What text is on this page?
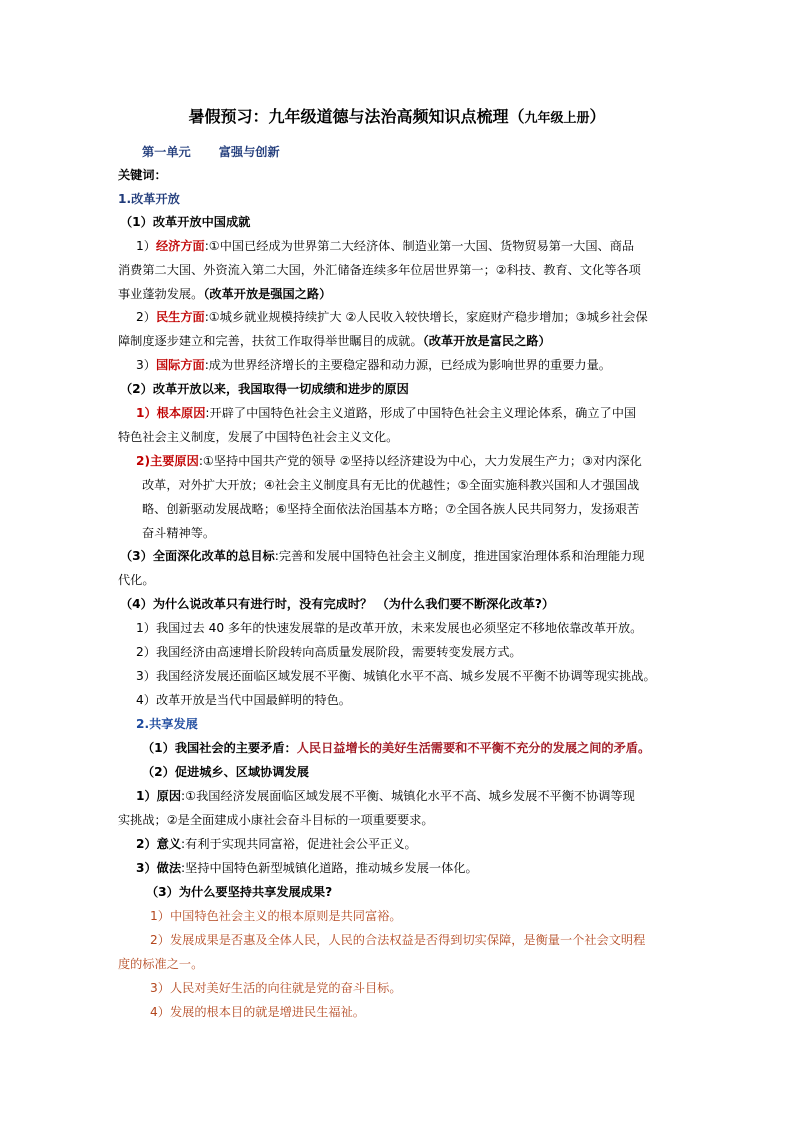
暑假预习：九年级道德与法治高频知识点梳理（九年级上册）
第一单元 富强与创新
关键词：
1.改革开放
（1）改革开放中国成就
1）经济方面:①中国已经成为世界第二大经济体、制造业第一大国、货物贸易第一大国、商品
消费第二大国、外资流入第二大国，外汇储备连续多年位居世界第一；②科技、教育、文化等各项
事业蓬勃发展。（改革开放是强国之路）
2）民生方面:①城乡就业规模持续扩大 ②人民收入较快增长，家庭财产稳步增加；③城乡社会保
障制度逐步建立和完善，扶贫工作取得举世瞩目的成就。（改革开放是富民之路）
3）国际方面:成为世界经济增长的主要稳定器和动力源，已经成为影响世界的重要力量。
（2）改革开放以来，我国取得一切成绩和进步的原因
1）根本原因:开辟了中国特色社会主义道路，形成了中国特色社会主义理论体系，确立了中国
特色社会主义制度，发展了中国特色社会主义文化。
2)主要原因:①坚持中国共产党的领导 ②坚持以经济建设为中心，大力发展生产力；③对内深化
改革，对外扩大开放；④社会主义制度具有无比的优越性；⑤全面实施科教兴国和人才强国战
略、创新驱动发展战略；⑥坚持全面依法治国基本方略；⑦全国各族人民共同努力，发扬艰苦
奋斗精神等。
（3）全面深化改革的总目标:完善和发展中国特色社会主义制度，推进国家治理体系和治理能力现
代化。
（4）为什么说改革只有进行时，没有完成时？ （为什么我们要不断深化改革?）
1）我国过去 40 多年的快速发展靠的是改革开放，未来发展也必须坚定不移地依靠改革开放。
2）我国经济由高速增长阶段转向高质量发展阶段，需要转变发展方式。
3）我国经济发展还面临区域发展不平衡、城镇化水平不高、城乡发展不平衡不协调等现实挑战。
4）改革开放是当代中国最鲜明的特色。
2.共享发展
（1）我国社会的主要矛盾：人民日益增长的美好生活需要和不平衡不充分的发展之间的矛盾。
（2）促进城乡、区域协调发展
1）原因:①我国经济发展面临区域发展不平衡、城镇化水平不高、城乡发展不平衡不协调等现
实挑战；②是全面建成小康社会奋斗目标的一项重要要求。
2）意义:有利于实现共同富裕，促进社会公平正义。
3）做法:坚持中国特色新型城镇化道路，推动城乡发展一体化。
（3）为什么要坚持共享发展成果?
1）中国特色社会主义的根本原则是共同富裕。
2）发展成果是否惠及全体人民，人民的合法权益是否得到切实保障，是衡量一个社会文明程
度的标准之一。
3）人民对美好生活的向往就是党的奋斗目标。
4）发展的根本目的就是增进民生福祉。
